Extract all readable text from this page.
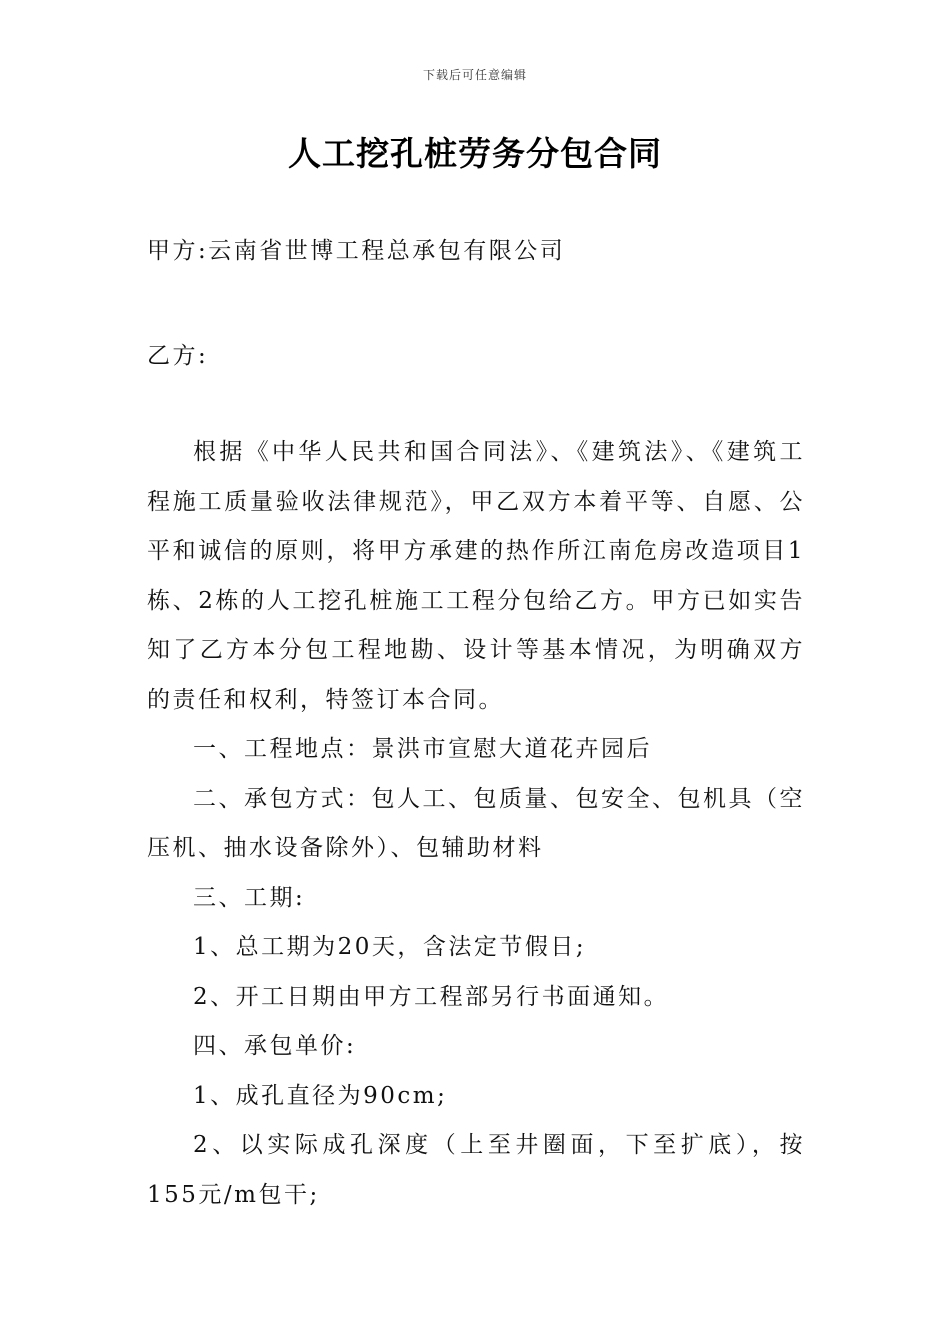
下载后可任意编辑
人工挖孔桩劳务分包合同
甲方:云南省世博工程总承包有限公司
乙方:

根据《中华人民共和国合同法》、《建筑法》、《建筑工程施工质量验收法律规范》，甲乙双方本着平等、自愿、公平和诚信的原则，将甲方承建的热作所江南危房改造项目1栋、2栋的人工挖孔桩施工工程分包给乙方。甲方已如实告知了乙方本分包工程地勘、设计等基本情况，为明确双方的责任和权利，特签订本合同。

一、工程地点：景洪市宣慰大道花卉园后

二、承包方式：包人工、包质量、包安全、包机具（空压机、抽水设备除外）、包辅助材料

三、工期:

1、总工期为20天，含法定节假日;

2、开工日期由甲方工程部另行书面通知。

四、承包单价:

1、成孔直径为90cm;

2、以实际成孔深度（上至井圈面，下至扩底），按155元/m包干;
